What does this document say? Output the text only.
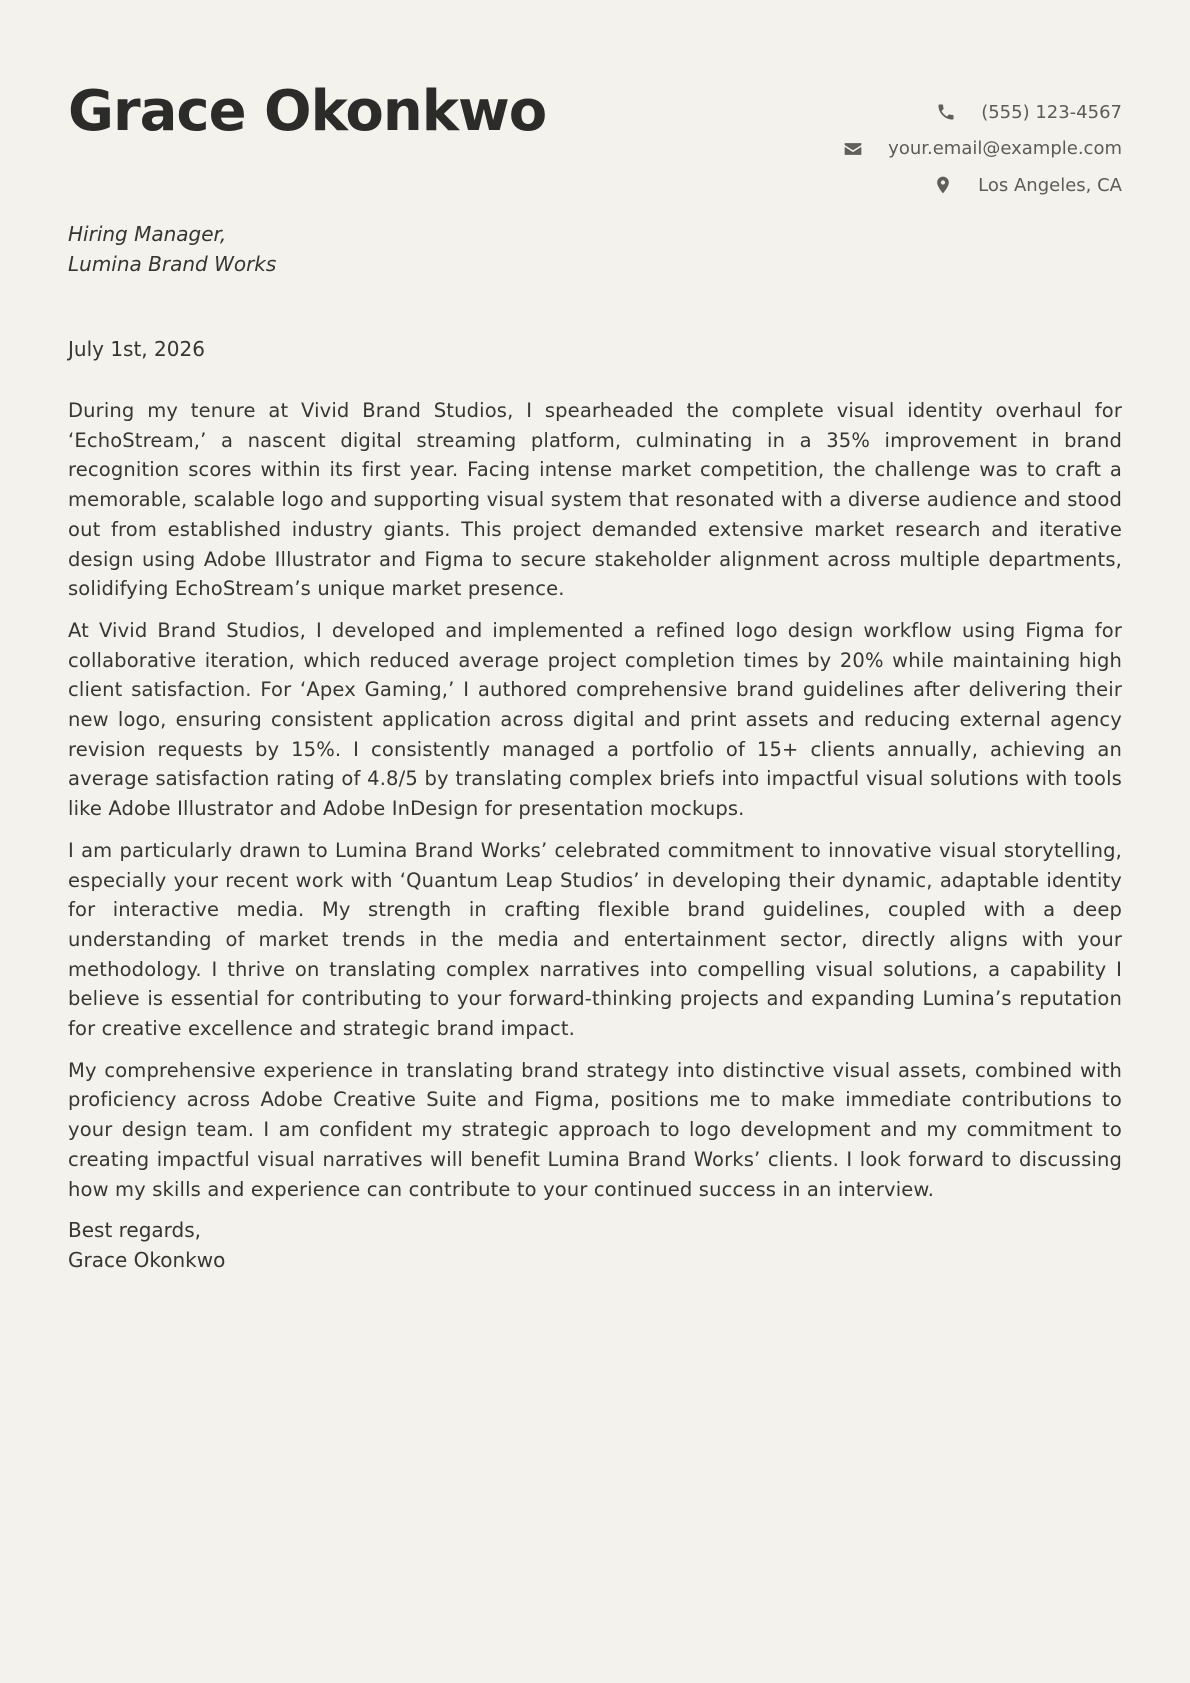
Grace Okonkwo	(555) 123-4567
your.email@example.com
Los Angeles, CA
Hiring Manager,
Lumina Brand Works
July 1st, 2026

During my tenure at Vivid Brand Studios, I spearheaded the complete visual identity overhaul for ‘EchoStream,’ a nascent digital streaming platform, culminating in a 35% improvement in brand recognition scores within its first year. Facing intense market competition, the challenge was to craft a memorable, scalable logo and supporting visual system that resonated with a diverse audience and stood out from established industry giants. This project demanded extensive market research and iterative design using Adobe Illustrator and Figma to secure stakeholder alignment across multiple departments, solidifying EchoStream’s unique market presence.

At Vivid Brand Studios, I developed and implemented a refined logo design workflow using Figma for collaborative iteration, which reduced average project completion times by 20% while maintaining high client satisfaction. For ‘Apex Gaming,’ I authored comprehensive brand guidelines after delivering their new logo, ensuring consistent application across digital and print assets and reducing external agency revision requests by 15%. I consistently managed a portfolio of 15+ clients annually, achieving an average satisfaction rating of 4.8/5 by translating complex briefs into impactful visual solutions with tools like Adobe Illustrator and Adobe InDesign for presentation mockups.

I am particularly drawn to Lumina Brand Works’ celebrated commitment to innovative visual storytelling, especially your recent work with ‘Quantum Leap Studios’ in developing their dynamic, adaptable identity for interactive media. My strength in crafting flexible brand guidelines, coupled with a deep understanding of market trends in the media and entertainment sector, directly aligns with your methodology. I thrive on translating complex narratives into compelling visual solutions, a capability I believe is essential for contributing to your forward-thinking projects and expanding Lumina’s reputation for creative excellence and strategic brand impact.

My comprehensive experience in translating brand strategy into distinctive visual assets, combined with proficiency across Adobe Creative Suite and Figma, positions me to make immediate contributions to your design team. I am confident my strategic approach to logo development and my commitment to creating impactful visual narratives will benefit Lumina Brand Works’ clients. I look forward to discussing how my skills and experience can contribute to your continued success in an interview.

Best regards,
Grace Okonkwo
